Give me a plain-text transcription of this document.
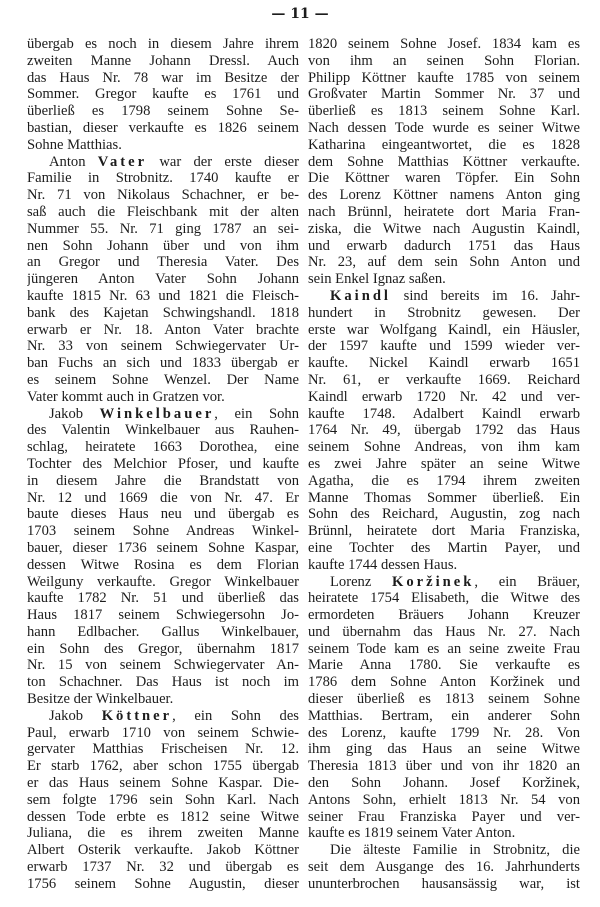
— 11 —
übergab es noch in diesem Jahre ihrem
zweiten Manne Johann Dressl. Auch
das Haus Nr. 78 war im Besitze der
Sommer. Gregor kaufte es 1761 und
überließ es 1798 seinem Sohne Se-
bastian, dieser verkaufte es 1826 seinem
Sohne Matthias.
Anton Vater war der erste dieser
Familie in Strobnitz. 1740 kaufte er
Nr. 71 von Nikolaus Schachner, er be-
saß auch die Fleischbank mit der alten
Nummer 55. Nr. 71 ging 1787 an sei-
nen Sohn Johann über und von ihm
an Gregor und Theresia Vater. Des
jüngeren Anton Vater Sohn Johann
kaufte 1815 Nr. 63 und 1821 die Fleisch-
bank des Kajetan Schwingshandl. 1818
erwarb er Nr. 18. Anton Vater brachte
Nr. 33 von seinem Schwiegervater Ur-
ban Fuchs an sich und 1833 übergab er
es seinem Sohne Wenzel. Der Name
Vater kommt auch in Gratzen vor.
Jakob Winkelbauer, ein Sohn
des Valentin Winkelbauer aus Rauhen-
schlag, heiratete 1663 Dorothea, eine
Tochter des Melchior Pfoser, und kaufte
in diesem Jahre die Brandstatt von
Nr. 12 und 1669 die von Nr. 47. Er
baute dieses Haus neu und übergab es
1703 seinem Sohne Andreas Winkel-
bauer, dieser 1736 seinem Sohne Kaspar,
dessen Witwe Rosina es dem Florian
Weilguny verkaufte. Gregor Winkelbauer
kaufte 1782 Nr. 51 und überließ das
Haus 1817 seinem Schwiegersohn Jo-
hann Edlbacher. Gallus Winkelbauer,
ein Sohn des Gregor, übernahm 1817
Nr. 15 von seinem Schwiegervater An-
ton Schachner. Das Haus ist noch im
Besitze der Winkelbauer.
Jakob Köttner, ein Sohn des
Paul, erwarb 1710 von seinem Schwie-
gervater Matthias Frischeisen Nr. 12.
Er starb 1762, aber schon 1755 übergab
er das Haus seinem Sohne Kaspar. Die-
sem folgte 1796 sein Sohn Karl. Nach
dessen Tode erbte es 1812 seine Witwe
Juliana, die es ihrem zweiten Manne
Albert Osterik verkaufte. Jakob Köttner
erwarb 1737 Nr. 32 und übergab es
1756 seinem Sohne Augustin, dieser
1820 seinem Sohne Josef. 1834 kam es
von ihm an seinen Sohn Florian.
Philipp Köttner kaufte 1785 von seinem
Großvater Martin Sommer Nr. 37 und
überließ es 1813 seinem Sohne Karl.
Nach dessen Tode wurde es seiner Witwe
Katharina eingeantwortet, die es 1828
dem Sohne Matthias Köttner verkaufte.
Die Köttner waren Töpfer. Ein Sohn
des Lorenz Köttner namens Anton ging
nach Brünnl, heiratete dort Maria Fran-
ziska, die Witwe nach Augustin Kaindl,
und erwarb dadurch 1751 das Haus
Nr. 23, auf dem sein Sohn Anton und
sein Enkel Ignaz saßen.
Kaindl sind bereits im 16. Jahr-
hundert in Strobnitz gewesen. Der
erste war Wolfgang Kaindl, ein Häusler,
der 1597 kaufte und 1599 wieder ver-
kaufte. Nickel Kaindl erwarb 1651
Nr. 61, er verkaufte 1669. Reichard
Kaindl erwarb 1720 Nr. 42 und ver-
kaufte 1748. Adalbert Kaindl erwarb
1764 Nr. 49, übergab 1792 das Haus
seinem Sohne Andreas, von ihm kam
es zwei Jahre später an seine Witwe
Agatha, die es 1794 ihrem zweiten
Manne Thomas Sommer überließ. Ein
Sohn des Reichard, Augustin, zog nach
Brünnl, heiratete dort Maria Franziska,
eine Tochter des Martin Payer, und
kaufte 1744 dessen Haus.
Lorenz Koržinek, ein Bräuer,
heiratete 1754 Elisabeth, die Witwe des
ermordeten Bräuers Johann Kreuzer
und übernahm das Haus Nr. 27. Nach
seinem Tode kam es an seine zweite Frau
Marie Anna 1780. Sie verkaufte es
1786 dem Sohne Anton Koržinek und
dieser überließ es 1813 seinem Sohne
Matthias. Bertram, ein anderer Sohn
des Lorenz, kaufte 1799 Nr. 28. Von
ihm ging das Haus an seine Witwe
Theresia 1813 über und von ihr 1820 an
den Sohn Johann. Josef Koržinek,
Antons Sohn, erhielt 1813 Nr. 54 von
seiner Frau Franziska Payer und ver-
kaufte es 1819 seinem Vater Anton.
Die älteste Familie in Strobnitz, die
seit dem Ausgange des 16. Jahrhunderts
ununterbrochen hausansässig war, ist
